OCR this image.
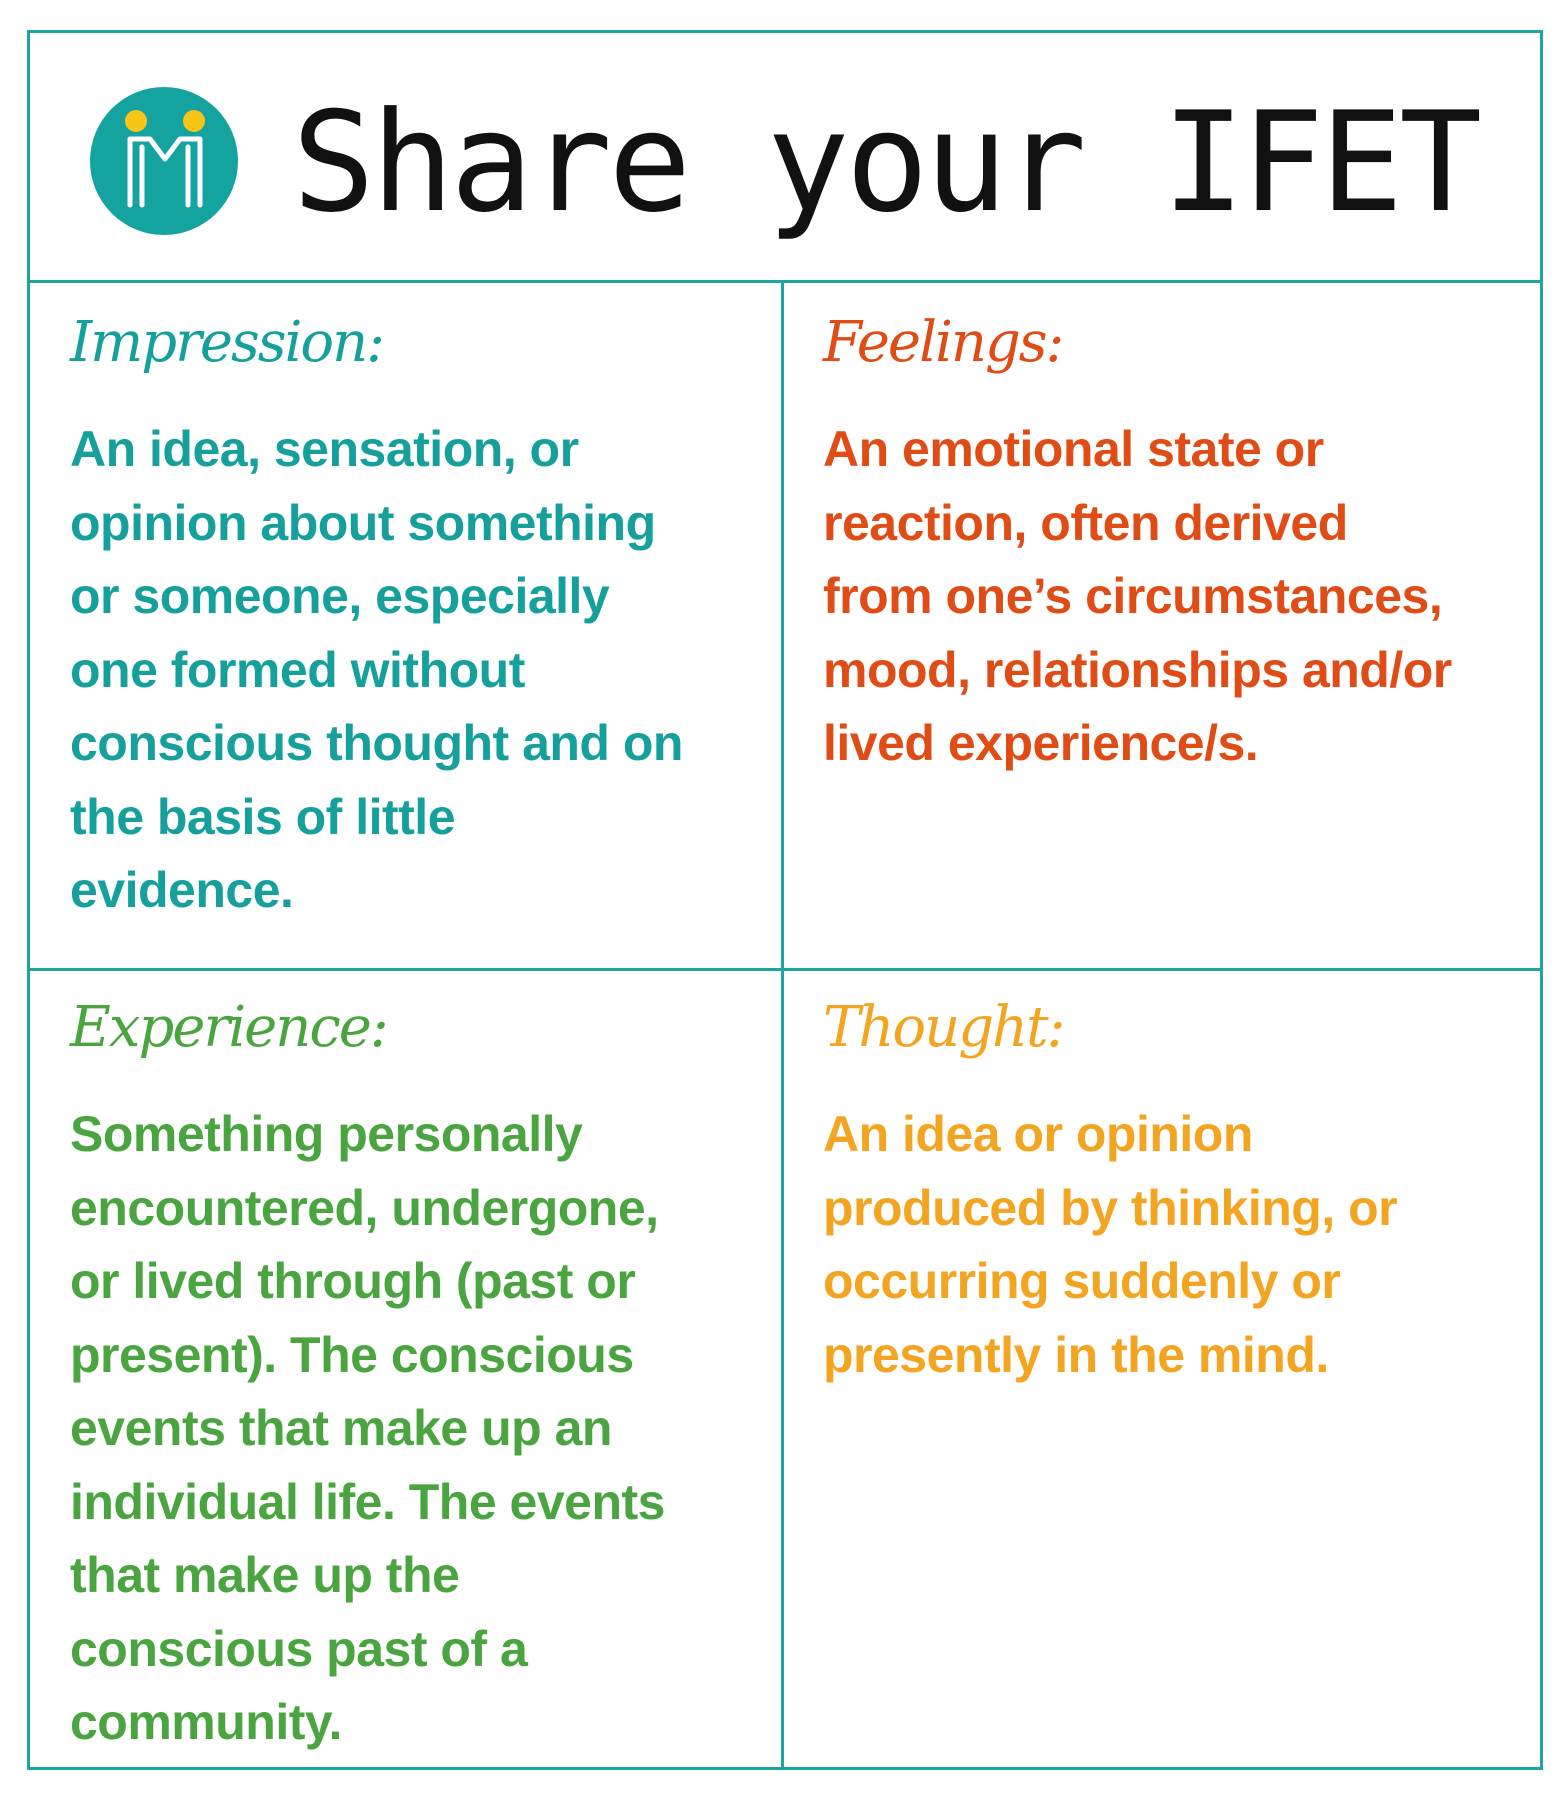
Share your IFET
Impression:
An idea, sensation, or
opinion about something
or someone, especially
one formed without
conscious thought and on
the basis of little
evidence.
Feelings:
An emotional state or
reaction, often derived
from one’s circumstances,
mood, relationships and/or
lived experience/s.
Experience:
Something personally
encountered, undergone,
or lived through (past or
present). The conscious
events that make up an
individual life. The events
that make up the
conscious past of a
community.
Thought:
An idea or opinion
produced by thinking, or
occurring suddenly or
presently in the mind.
